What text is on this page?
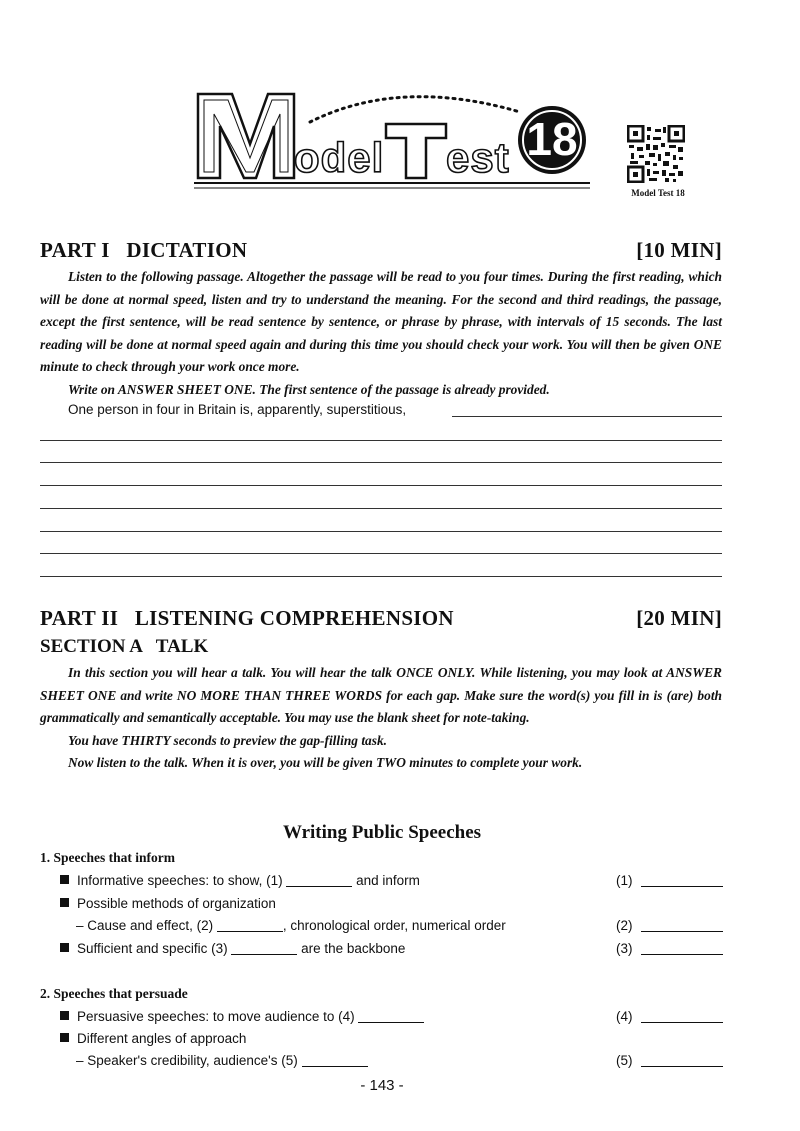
odel est 18
Model Test 18
PART I   DICTATION	[10 MIN]

Listen to the following passage. Altogether the passage will be read to you four times. During the first reading, which will be done at normal speed, listen and try to understand the meaning. For the second and third readings, the passage, except the first sentence, will be read sentence by sentence, or phrase by phrase, with intervals of 15 seconds. The last reading will be done at normal speed again and during this time you should check your work. You will then be given ONE minute to check through your work once more.

Write on ANSWER SHEET ONE. The first sentence of the passage is already provided.

One person in four in Britain is, apparently, superstitious,
PART II   LISTENING COMPREHENSION	[20 MIN]
SECTION A   TALK

In this section you will hear a talk. You will hear the talk ONCE ONLY. While listening, you may look at ANSWER SHEET ONE and write NO MORE THAN THREE WORDS for each gap. Make sure the word(s) you fill in is (are) both grammatically and semantically acceptable. You may use the blank sheet for note-taking.

You have THIRTY seconds to preview the gap-filling task.

Now listen to the talk. When it is over, you will be given TWO minutes to complete your work.

Writing Public Speeches
1. Speeches that inform
Informative speeches: to show, (1)	and inform	(1)
Possible methods of organization
– Cause and effect, (2)	, chronological order, numerical order	(2)
Sufficient and specific (3)	are the backbone	(3)
2. Speeches that persuade
Persuasive speeches: to move audience to (4)	(4)
Different angles of approach
– Speaker's credibility, audience's (5)	(5)
- 143 -
